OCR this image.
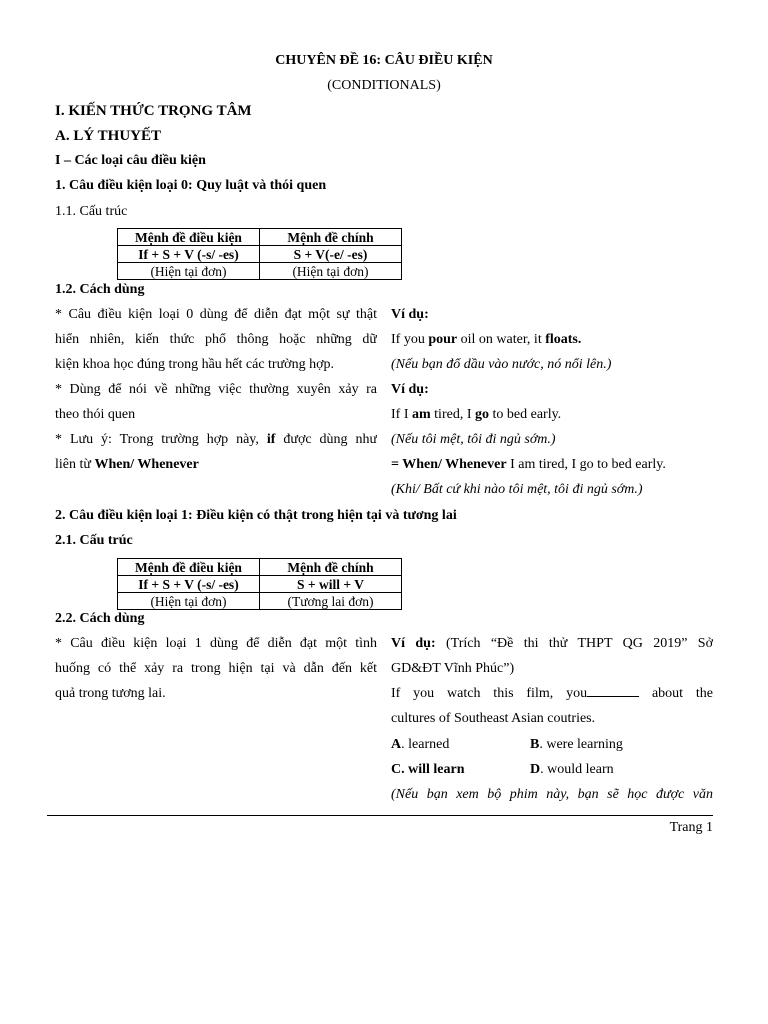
CHUYÊN ĐỀ 16: CÂU ĐIỀU KIỆN
(CONDITIONALS)
I. KIẾN THỨC TRỌNG TÂM
A. LÝ THUYẾT
I – Các loại câu điều kiện
1. Câu điều kiện loại 0: Quy luật và thói quen
1.1. Cấu trúc
Mệnh đề điều kiện	Mệnh đề chính
If + S + V (-s/ -es)	S + V(-e/ -es)
(Hiện tại đơn)	(Hiện tại đơn)
1.2. Cách dùng
* Câu điều kiện loại 0 dùng để diễn đạt một sự thật
hiển nhiên, kiến thức phổ thông hoặc những dữ
kiện khoa học đúng trong hầu hết các trường hợp.
* Dùng để nói về những việc thường xuyên xảy ra
theo thói quen
* Lưu ý: Trong trường hợp này, if được dùng như
liên từ When/ Whenever
Ví dụ:
If you pour oil on water, it floats.
(Nếu bạn đổ dầu vào nước, nó nổi lên.)
Ví dụ:
If I am tired, I go to bed early.
(Nếu tôi mệt, tôi đi ngủ sớm.)
= When/ Whenever I am tired, I go to bed early.
(Khi/ Bất cứ khi nào tôi mệt, tôi đi ngủ sớm.)
2. Câu điều kiện loại 1: Điều kiện có thật trong hiện tại và tương lai
2.1. Cấu trúc
Mệnh đề điều kiện	Mệnh đề chính
If + S + V (-s/ -es)	S + will + V
(Hiện tại đơn)	(Tương lai đơn)
2.2. Cách dùng
* Câu điều kiện loại 1 dùng để diễn đạt một tình
huống có thể xảy ra trong hiện tại và dẫn đến kết
quả trong tương lai.
Ví dụ: (Trích “Đề thi thử THPT QG 2019” Sở
GD&ĐT Vĩnh Phúc”)
If you watch this film, you	about the
cultures of Southeast Asian coutries.
A. learned	B. were learning
C. will learn	D. would learn
(Nếu bạn xem bộ phim này, bạn sẽ học được văn
Trang 1
